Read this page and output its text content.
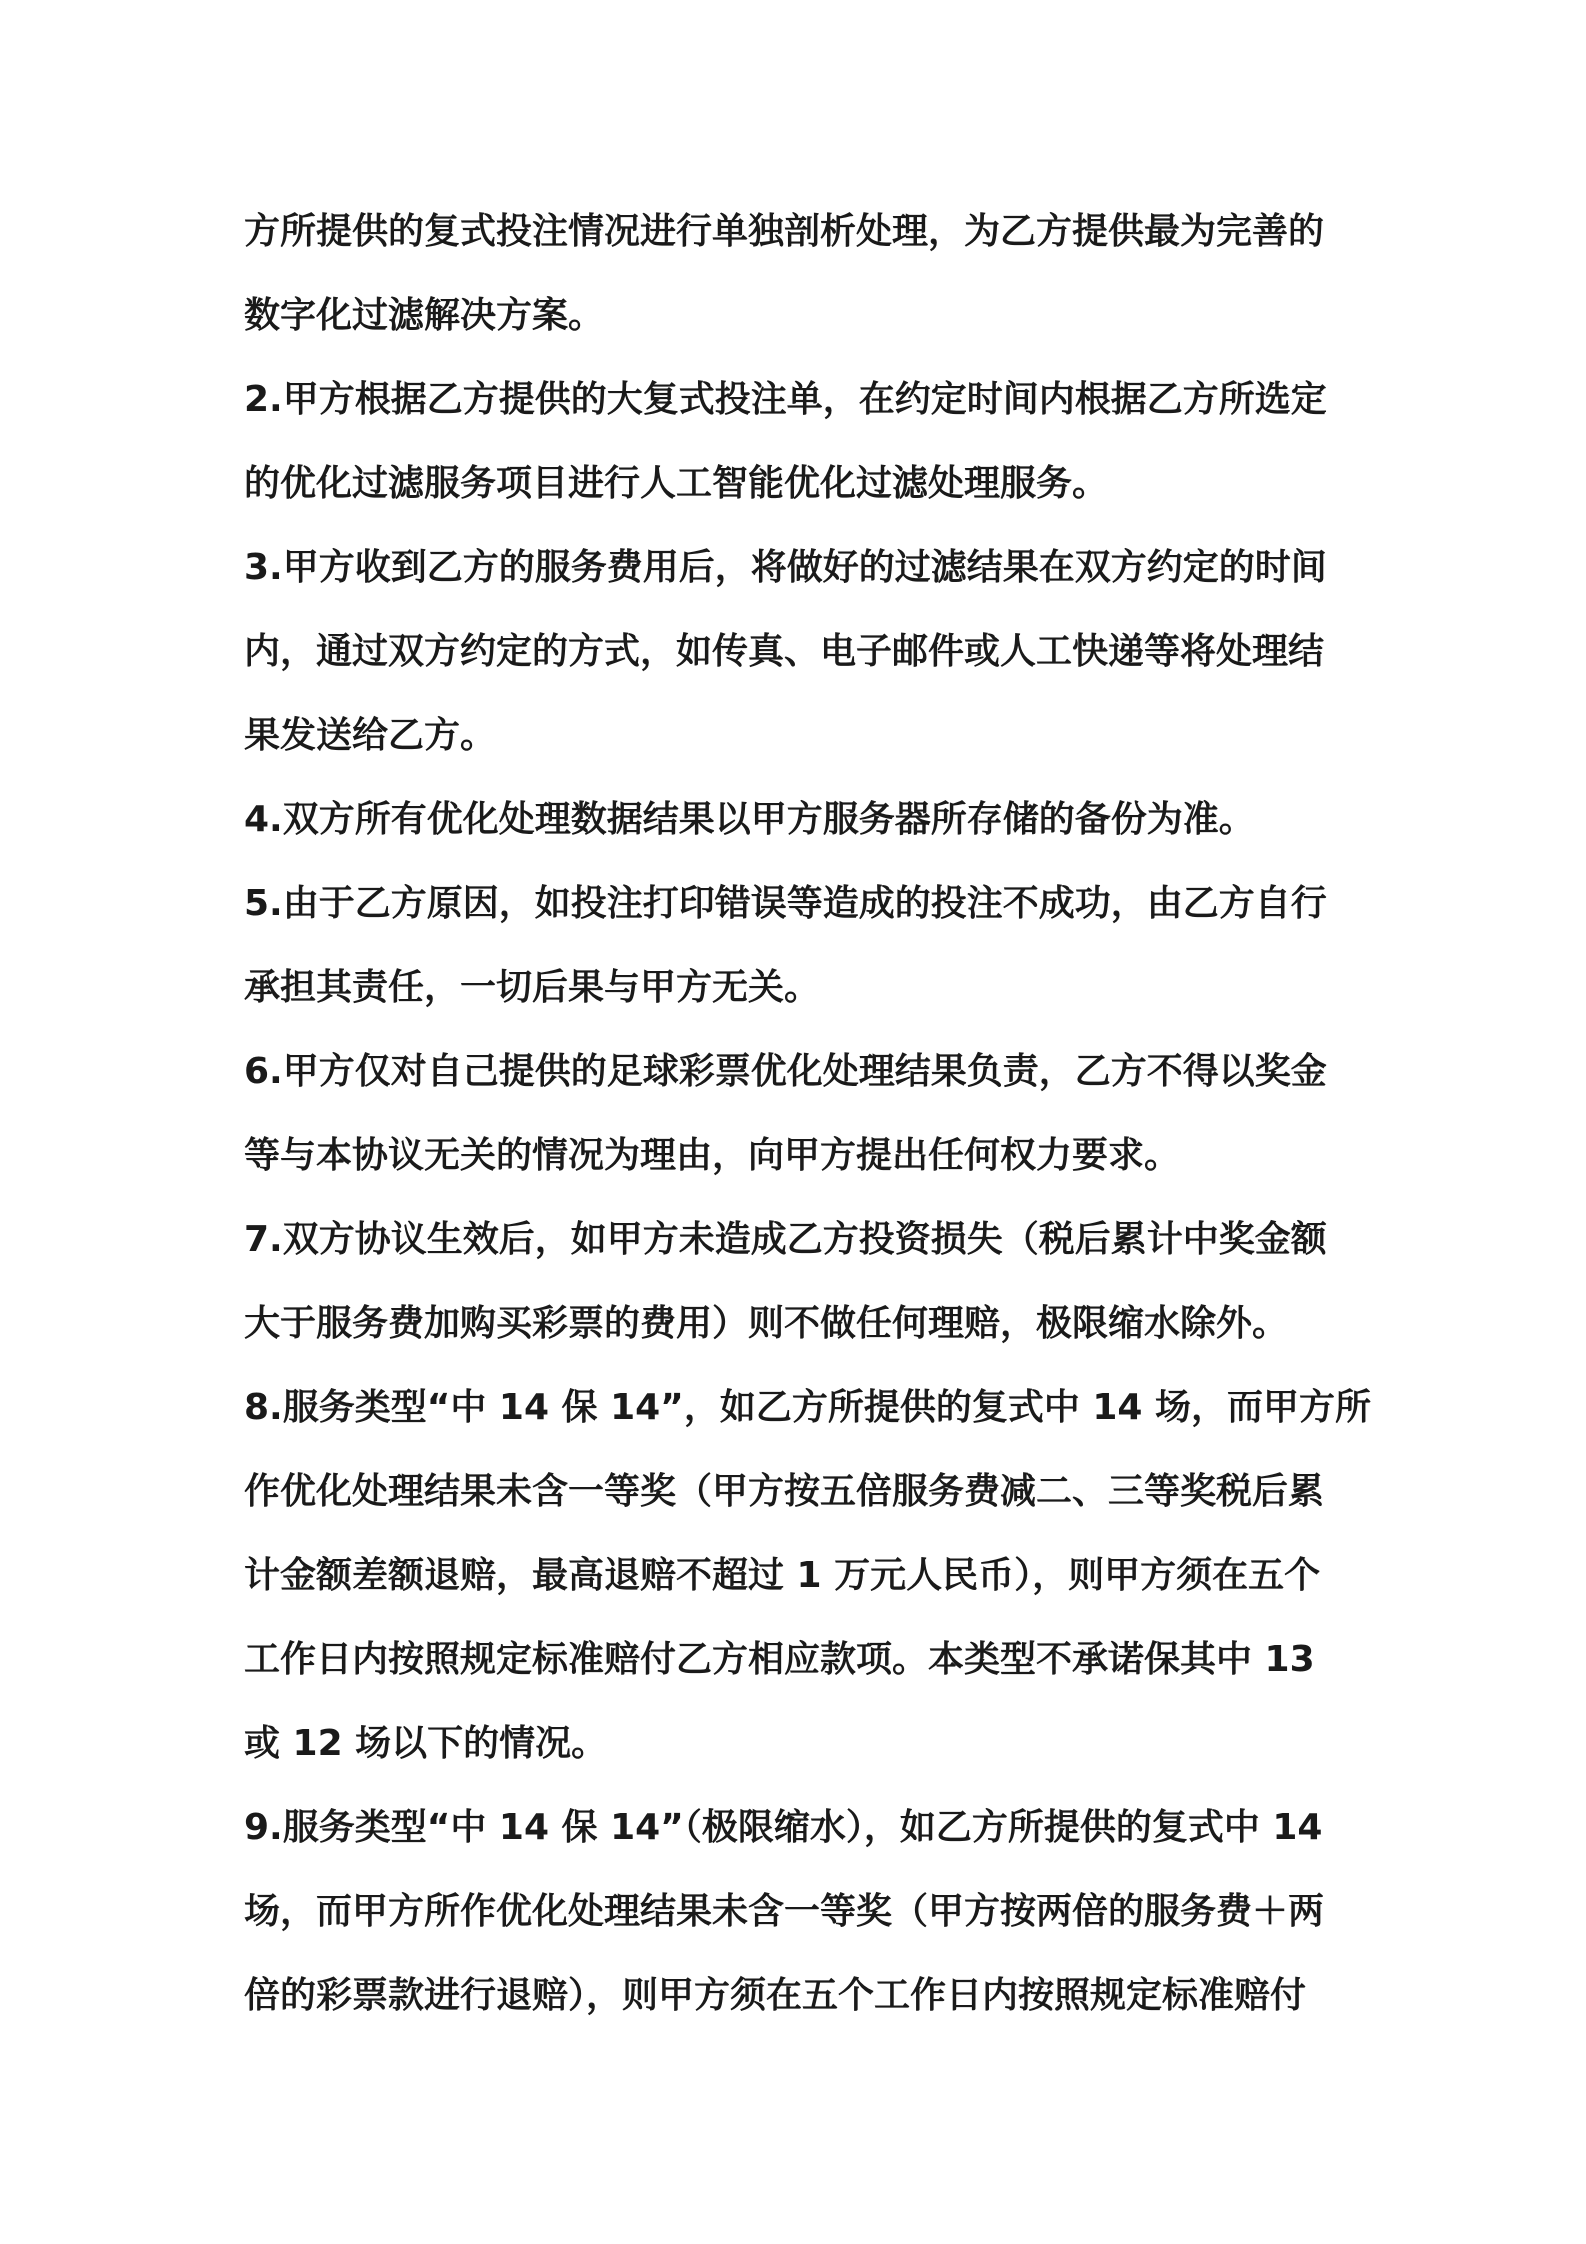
方所提供的复式投注情况进行单独剖析处理，为乙方提供最为完善的
数字化过滤解决方案。
2.甲方根据乙方提供的大复式投注单，在约定时间内根据乙方所选定
的优化过滤服务项目进行人工智能优化过滤处理服务。
3.甲方收到乙方的服务费用后，将做好的过滤结果在双方约定的时间
内，通过双方约定的方式，如传真、电子邮件或人工快递等将处理结
果发送给乙方。
4.双方所有优化处理数据结果以甲方服务器所存储的备份为准。
5.由于乙方原因，如投注打印错误等造成的投注不成功，由乙方自行
承担其责任，一切后果与甲方无关。
6.甲方仅对自己提供的足球彩票优化处理结果负责，乙方不得以奖金
等与本协议无关的情况为理由，向甲方提出任何权力要求。
7.双方协议生效后，如甲方未造成乙方投资损失（税后累计中奖金额
大于服务费加购买彩票的费用）则不做任何理赔，极限缩水除外。
8.服务类型“中 14 保 14”，如乙方所提供的复式中 14 场，而甲方所
作优化处理结果未含一等奖（甲方按五倍服务费减二、三等奖税后累
计金额差额退赔，最高退赔不超过 1 万元人民币），则甲方须在五个
工作日内按照规定标准赔付乙方相应款项。本类型不承诺保其中 13
或 12 场以下的情况。
9.服务类型“中 14 保 14”（极限缩水），如乙方所提供的复式中 14
场，而甲方所作优化处理结果未含一等奖（甲方按两倍的服务费＋两
倍的彩票款进行退赔），则甲方须在五个工作日内按照规定标准赔付
